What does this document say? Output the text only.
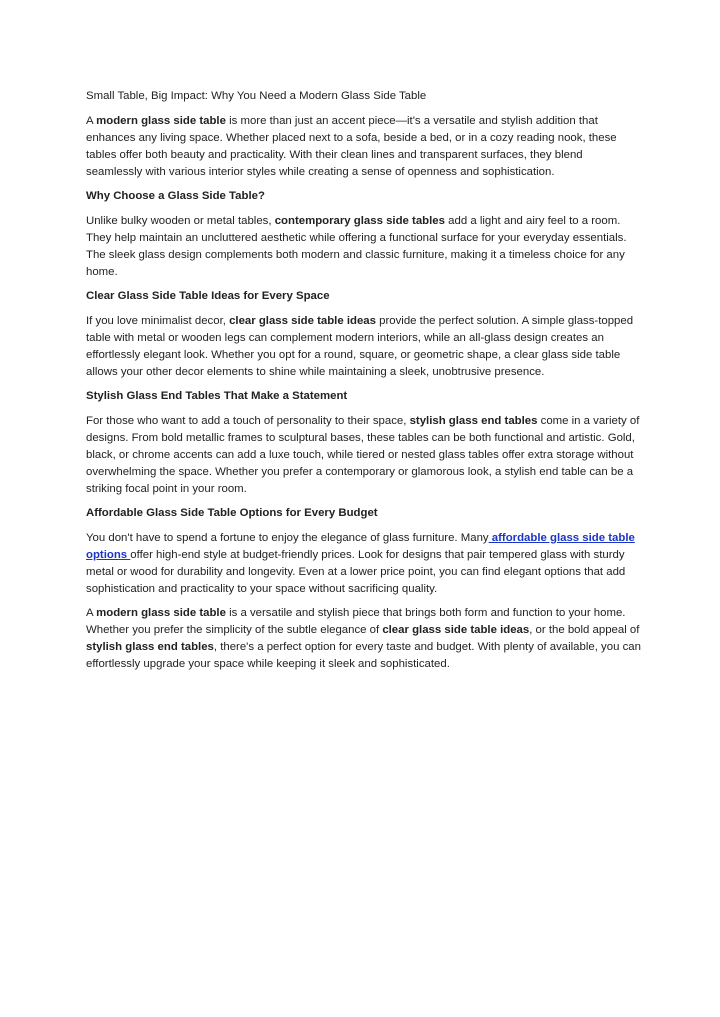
Small Table, Big Impact: Why You Need a Modern Glass Side Table

A modern glass side table is more than just an accent piece—it's a versatile and stylish addition that enhances any living space. Whether placed next to a sofa, beside a bed, or in a cozy reading nook, these tables offer both beauty and practicality. With their clean lines and transparent surfaces, they blend seamlessly with various interior styles while creating a sense of openness and sophistication.

Why Choose a Glass Side Table?

Unlike bulky wooden or metal tables, contemporary glass side tables add a light and airy feel to a room. They help maintain an uncluttered aesthetic while offering a functional surface for your everyday essentials. The sleek glass design complements both modern and classic furniture, making it a timeless choice for any home.

Clear Glass Side Table Ideas for Every Space

If you love minimalist decor, clear glass side table ideas provide the perfect solution. A simple glass-topped table with metal or wooden legs can complement modern interiors, while an all-glass design creates an effortlessly elegant look. Whether you opt for a round, square, or geometric shape, a clear glass side table allows your other decor elements to shine while maintaining a sleek, unobtrusive presence.

Stylish Glass End Tables That Make a Statement

For those who want to add a touch of personality to their space, stylish glass end tables come in a variety of designs. From bold metallic frames to sculptural bases, these tables can be both functional and artistic. Gold, black, or chrome accents can add a luxe touch, while tiered or nested glass tables offer extra storage without overwhelming the space. Whether you prefer a contemporary or glamorous look, a stylish end table can be a striking focal point in your room.

Affordable Glass Side Table Options for Every Budget

You don't have to spend a fortune to enjoy the elegance of glass furniture. Many affordable glass side table options offer high-end style at budget-friendly prices. Look for designs that pair tempered glass with sturdy metal or wood for durability and longevity. Even at a lower price point, you can find elegant options that add sophistication and practicality to your space without sacrificing quality.

A modern glass side table is a versatile and stylish piece that brings both form and function to your home. Whether you prefer the simplicity of the subtle elegance of clear glass side table ideas, or the bold appeal of stylish glass end tables, there's a perfect option for every taste and budget. With plenty of available, you can effortlessly upgrade your space while keeping it sleek and sophisticated.
